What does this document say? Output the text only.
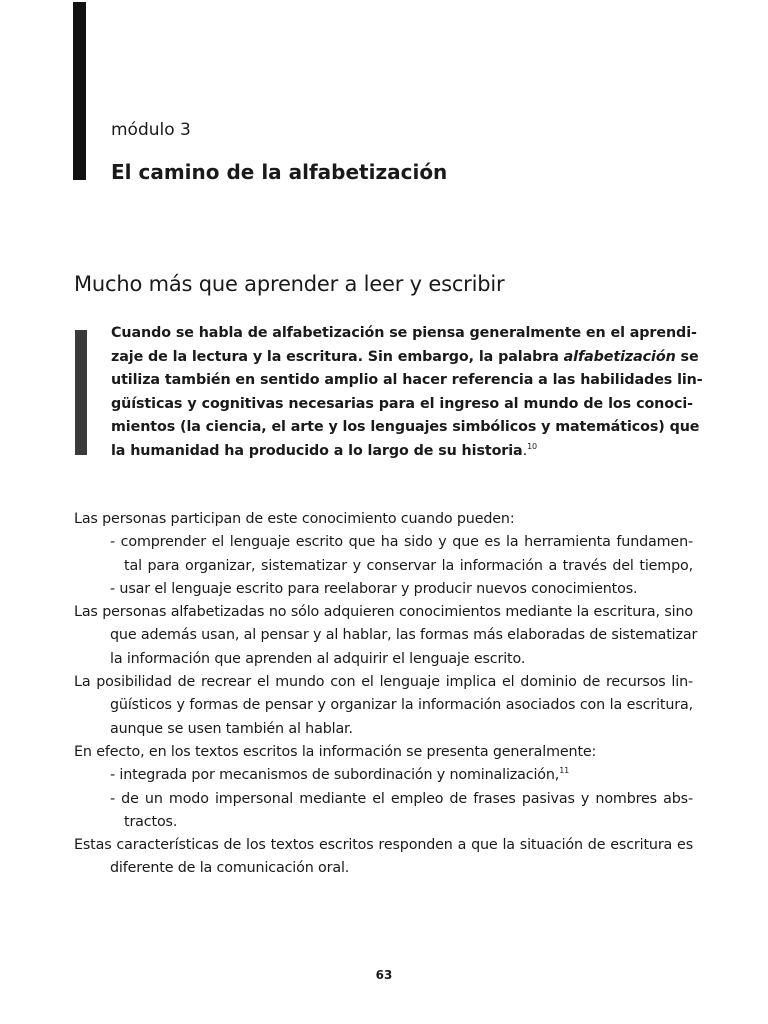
módulo 3
El camino de la alfabetización
Mucho más que aprender a leer y escribir
Cuando se habla de alfabetización se piensa generalmente en el aprendi-
zaje de la lectura y la escritura. Sin embargo, la palabra alfabetización se
utiliza también en sentido amplio al hacer referencia a las habilidades lin-
güísticas y cognitivas necesarias para el ingreso al mundo de los conoci-
mientos (la ciencia, el arte y los lenguajes simbólicos y matemáticos) que
la humanidad ha producido a lo largo de su historia.$^{10}$
Las personas participan de este conocimiento cuando pueden:
- comprender el lenguaje escrito que ha sido y que es la herramienta fundamen-
tal para organizar, sistematizar y conservar la información a través del tiempo,
- usar el lenguaje escrito para reelaborar y producir nuevos conocimientos.
Las personas alfabetizadas no sólo adquieren conocimientos mediante la escritura, sino
que además usan, al pensar y al hablar, las formas más elaboradas de sistematizar
la información que aprenden al adquirir el lenguaje escrito.
La posibilidad de recrear el mundo con el lenguaje implica el dominio de recursos lin-
güísticos y formas de pensar y organizar la información asociados con la escritura,
aunque se usen también al hablar.
En efecto, en los textos escritos la información se presenta generalmente:
- integrada por mecanismos de subordinación y nominalización,$^{11}$
- de un modo impersonal mediante el empleo de frases pasivas y nombres abs-
tractos.
Estas características de los textos escritos responden a que la situación de escritura es
diferente de la comunicación oral.
63
